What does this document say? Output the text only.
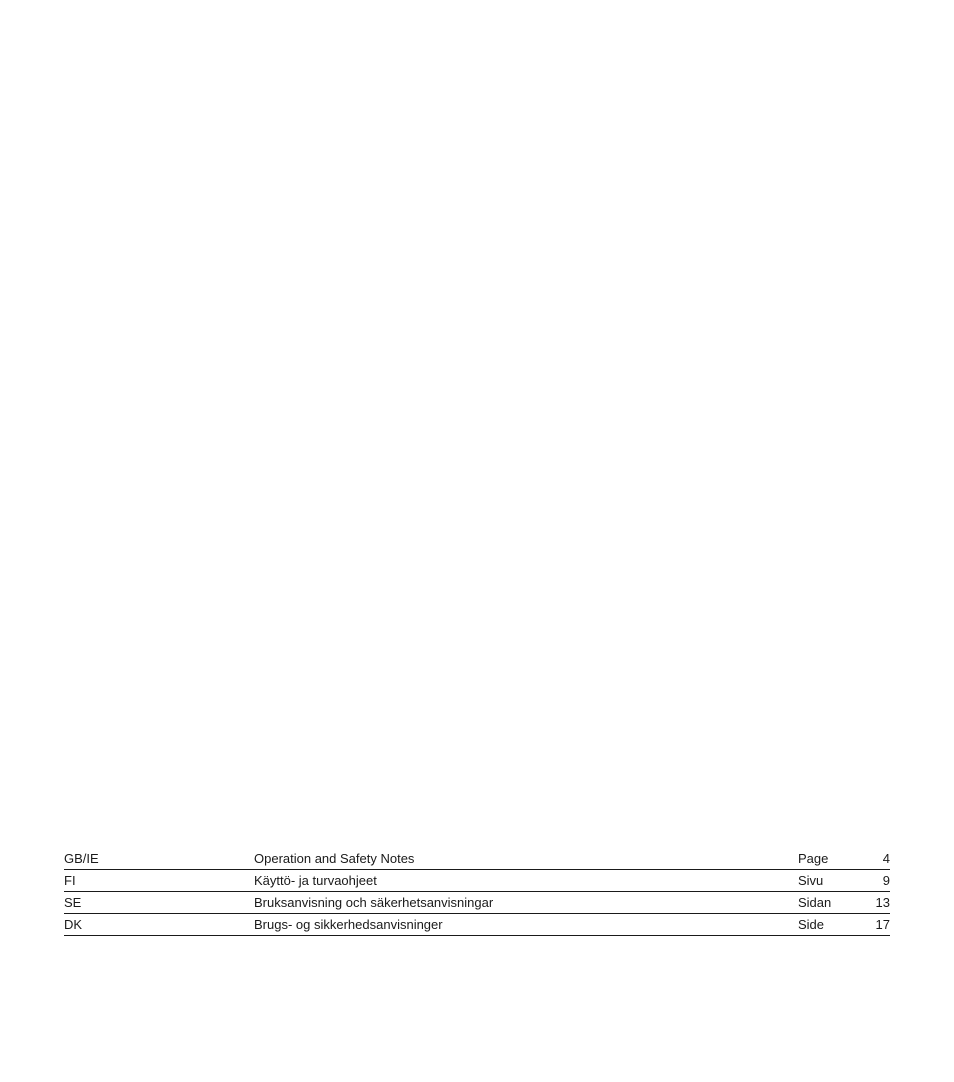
GB/IE	Operation and Safety Notes	Page	4
FI	Käyttö- ja turvaohjeet	Sivu	9
SE	Bruksanvisning och säkerhetsanvisningar	Sidan	13
DK	Brugs- og sikkerhedsanvisninger	Side	17
